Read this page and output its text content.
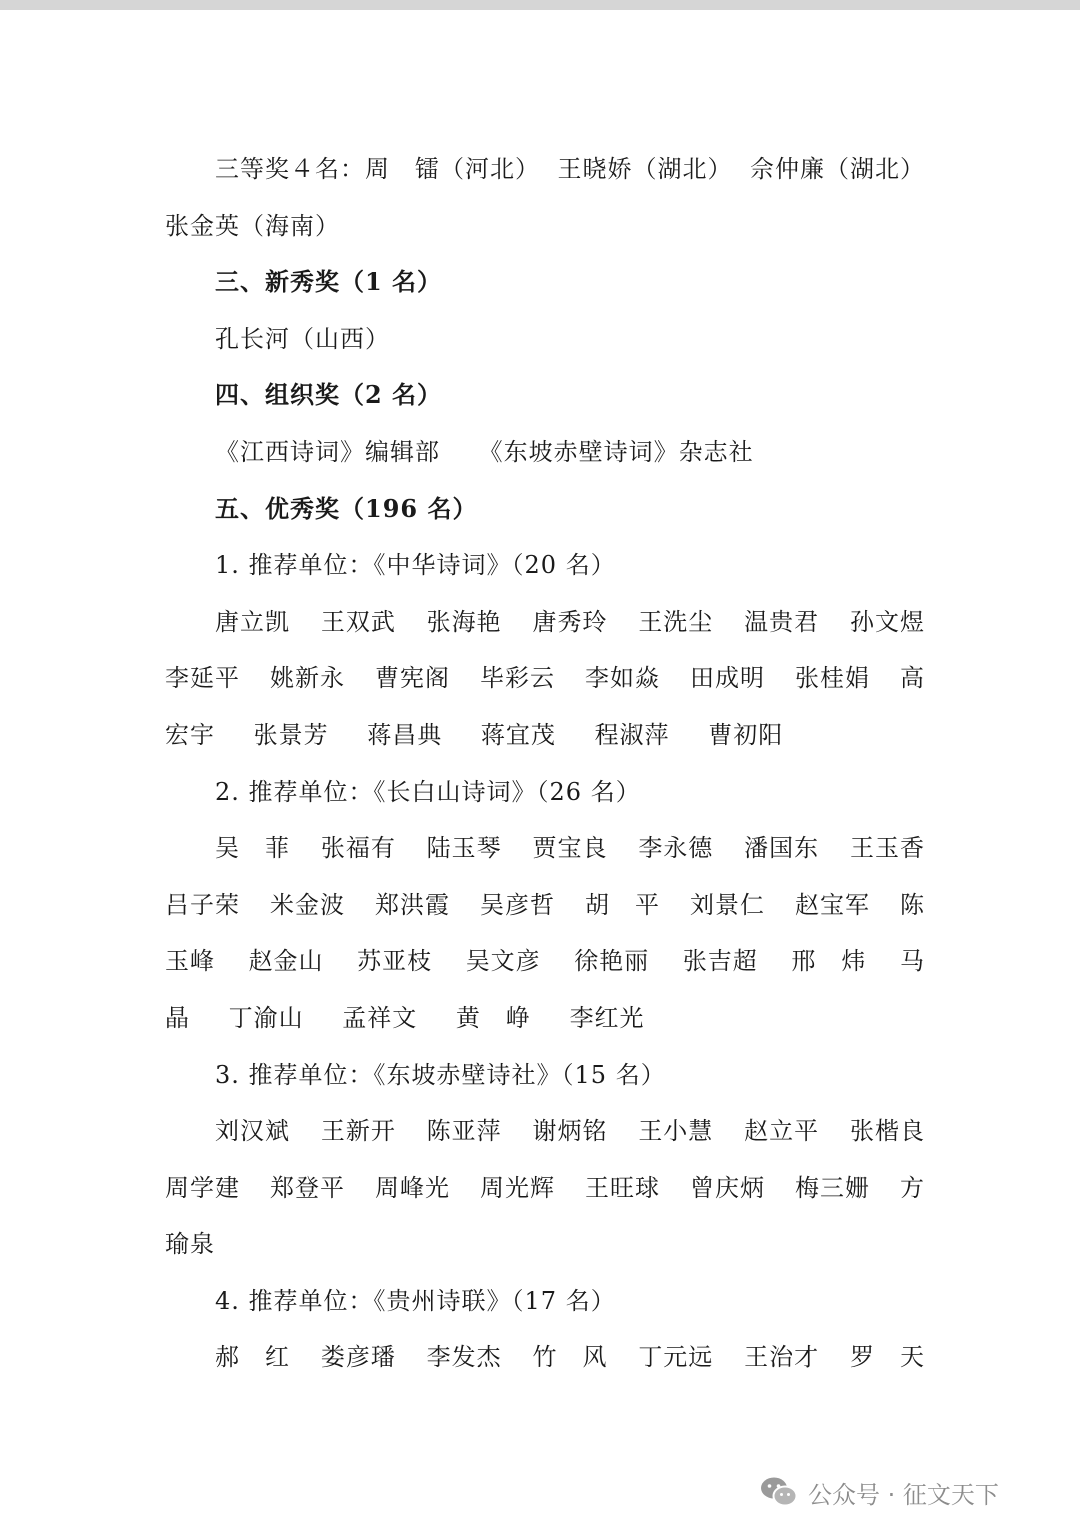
三等奖４名：周　镭（河北） 王晓娇（湖北） 佘仲廉（湖北）
张金英（海南）
三、新秀奖（1 名）
孔长河（山西）
四、组织奖（2 名）
《江西诗词》编辑部 《东坡赤壁诗词》杂志社
五、优秀奖（196 名）
1. 推荐单位：《中华诗词》（20 名）
唐立凯 王双武 张海艳 唐秀玲 王洗尘 温贵君 孙文煜
李延平 姚新永 曹宪阁 毕彩云 李如焱 田成明 张桂娟 高
宏宇 张景芳 蒋昌典 蒋宜茂 程淑萍 曹初阳
2. 推荐单位：《长白山诗词》（26 名）
吴　菲 张福有 陆玉琴 贾宝良 李永德 潘国东 王玉香
吕子荣 米金波 郑洪霞 吴彦哲 胡　平 刘景仁 赵宝军 陈
玉峰 赵金山 苏亚枝 吴文彦 徐艳丽 张吉超 邢　炜 马
晶 丁渝山 孟祥文 黄　峥 李红光
3. 推荐单位：《东坡赤壁诗社》（15 名）
刘汉斌 王新开 陈亚萍 谢炳铭 王小慧 赵立平 张楷良
周学建 郑登平 周峰光 周光辉 王旺球 曾庆炳 梅三姗 方
瑜泉
4. 推荐单位：《贵州诗联》（17 名）
郝　红 娄彦璠 李发杰 竹　风 丁元远 王治才 罗　天
公众号 · 征文天下
